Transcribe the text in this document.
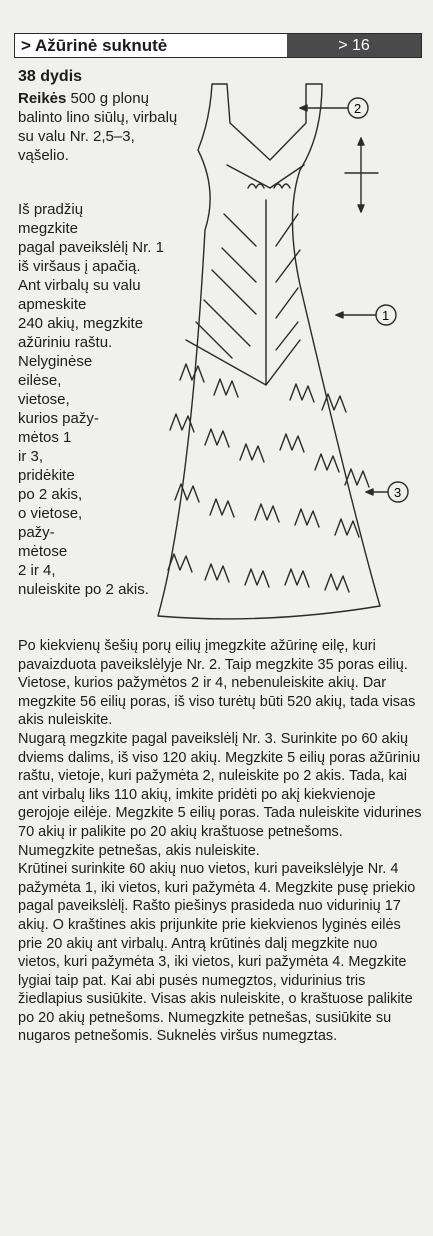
> Ažūrinė suknutė	> 16
38 dydis
Reikės 500 g plonų balinto lino siūlų, virbalų su valu Nr. 2,5–3, vąšelio.
Iš pradžių
megzkite
pagal paveikslėlį Nr. 1
iš viršaus į apačią.
Ant virbalų su valu
apmeskite
240 akių, megzkite
ažūriniu raštu.
Nelyginėse
eilėse,
vietose,
kurios pažy-
mėtos 1
ir 3,
pridėkite
po 2 akis,
o vietose,
pažy-
mėtose
2 ir 4,
nuleiskite po 2 akis.
2
1
3
Po kiekvienų šešių porų eilių įmegzkite ažūrinę eilę, kuri pavaizduota paveikslėlyje Nr. 2. Taip megzkite 35 poras eilių. Vietose, kurios pažymėtos 2 ir 4, nebenuleiskite akių. Dar megzkite 56 eilių poras, iš viso turėtų būti 520 akių, tada visas akis nuleiskite.
Nugarą megzkite pagal paveikslėlį Nr. 3. Surinkite po 60 akių dviems dalims, iš viso 120 akių. Megzkite 5 eilių poras ažūriniu raštu, vietoje, kuri pažymėta 2, nuleiskite po 2 akis. Tada, kai ant virbalų liks 110 akių, imkite pridėti po akį kiekvienoje gerojoje eilėje. Megzkite 5 eilių poras. Tada nuleiskite vidurines 70 akių ir palikite po 20 akių kraštuose petnešoms. Numegzkite petnešas, akis nuleiskite.
Krūtinei surinkite 60 akių nuo vietos, kuri paveikslėlyje Nr. 4 pažymėta 1, iki vietos, kuri pažymėta 4. Megzkite pusę priekio pagal paveikslėlį. Rašto piešinys prasideda nuo vidurinių 17 akių. O kraštines akis prijunkite prie kiekvienos lyginės eilės prie 20 akių ant virbalų. Antrą krūtinės dalį megzkite nuo vietos, kuri pažymėta 3, iki vietos, kuri pažymėta 4. Megzkite lygiai taip pat. Kai abi pusės numegztos, vidurinius tris žiedlapius susiūkite. Visas akis nuleiskite, o kraštuose palikite po 20 akių petnešoms. Numegzkite petnešas, susiūkite su nugaros petnešomis. Suknelės viršus numegztas.
